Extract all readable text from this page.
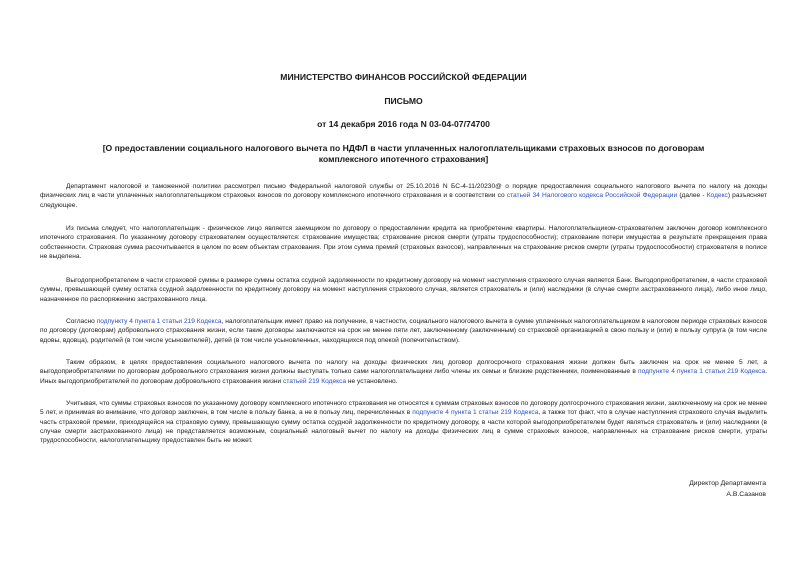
МИНИСТЕРСТВО ФИНАНСОВ РОССИЙСКОЙ ФЕДЕРАЦИИ
ПИСЬМО
от 14 декабря 2016 года N 03-04-07/74700
[О предоставлении социального налогового вычета по НДФЛ в части уплаченных налогоплательщиками страховых взносов по договорам комплексного ипотечного страхования]

Департамент налоговой и таможенной политики рассмотрел письмо Федеральной налоговой службы от 25.10.2016 N БС-4-11/20230@ о порядке предоставления социального налогового вычета по налогу на доходы физических лиц в части уплаченных налогоплательщиком страховых взносов по договору комплексного ипотечного страхования и в соответствии со статьей 34 Налогового кодекса Российской Федерации (далее - Кодекс) разъясняет следующее.

Из письма следует, что налогоплательщик - физическое лицо является заемщиком по договору о предоставлении кредита на приобретение квартиры. Налогоплательщиком-страхователем заключен договор комплексного ипотечного страхования. По указанному договору страхователем осуществляется: страхование имущества; страхование рисков смерти (утраты трудоспособности); страхование потери имущества в результате прекращения права собственности. Страховая сумма рассчитывается в целом по всем объектам страхования. При этом сумма премий (страховых взносов), направленных на страхование рисков смерти (утраты трудоспособности) страхователя в полисе не выделена.

Выгодоприобретателем в части страховой суммы в размере суммы остатка ссудной задолженности по кредитному договору на момент наступления страхового случая является Банк. Выгодоприобретателем, в части страховой суммы, превышающей сумму остатка ссудной задолженности по кредитному договору на момент наступления страхового случая, является страхователь и (или) наследники (в случае смерти застрахованного лица), либо иное лицо, назначенное по распоряжению застрахованного лица.

Согласно подпункту 4 пункта 1 статьи 219 Кодекса, налогоплательщик имеет право на получение, в частности, социального налогового вычета в сумме уплаченных налогоплательщиком в налоговом периоде страховых взносов по договору (договорам) добровольного страхования жизни, если такие договоры заключаются на срок не менее пяти лет, заключенному (заключенным) со страховой организацией в свою пользу и (или) в пользу супруга (в том числе вдовы, вдовца), родителей (в том числе усыновителей), детей (в том числе усыновленных, находящихся под опекой (попечительством).

Таким образом, в целях предоставления социального налогового вычета по налогу на доходы физических лиц договор долгосрочного страхования жизни должен быть заключен на срок не менее 5 лет, а выгодоприобретателями по договорам добровольного страхования жизни должны выступать только сами налогоплательщики либо члены их семьи и близкие родственники, поименованные в подпункте 4 пункта 1 статьи 219 Кодекса. Иных выгодоприобретателей по договорам добровольного страхования жизни статьей 219 Кодекса не установлено.

Учитывая, что суммы страховых взносов по указанному договору комплексного ипотечного страхования не относятся к суммам страховых взносов по договору долгосрочного страхования жизни, заключенному на срок не менее 5 лет, и принимая во внимание, что договор заключен, в том числе в пользу банка, а не в пользу лиц, перечисленных в подпункте 4 пункта 1 статьи 219 Кодекса, а также тот факт, что в случае наступления страхового случая выделить часть страховой премии, приходящейся на страховую сумму, превышающую сумму остатка ссудной задолженности по кредитному договору, в части которой выгодоприобретателем будет являться страхователь и (или) наследники (в случае смерти застрахованного лица) не представляется возможным, социальный налоговый вычет по налогу на доходы физических лиц в сумме страховых взносов, направленных на страхование рисков смерти, утраты трудоспособности, налогоплательщику предоставлен быть не может.

Директор Департамента
А.В.Сазанов
